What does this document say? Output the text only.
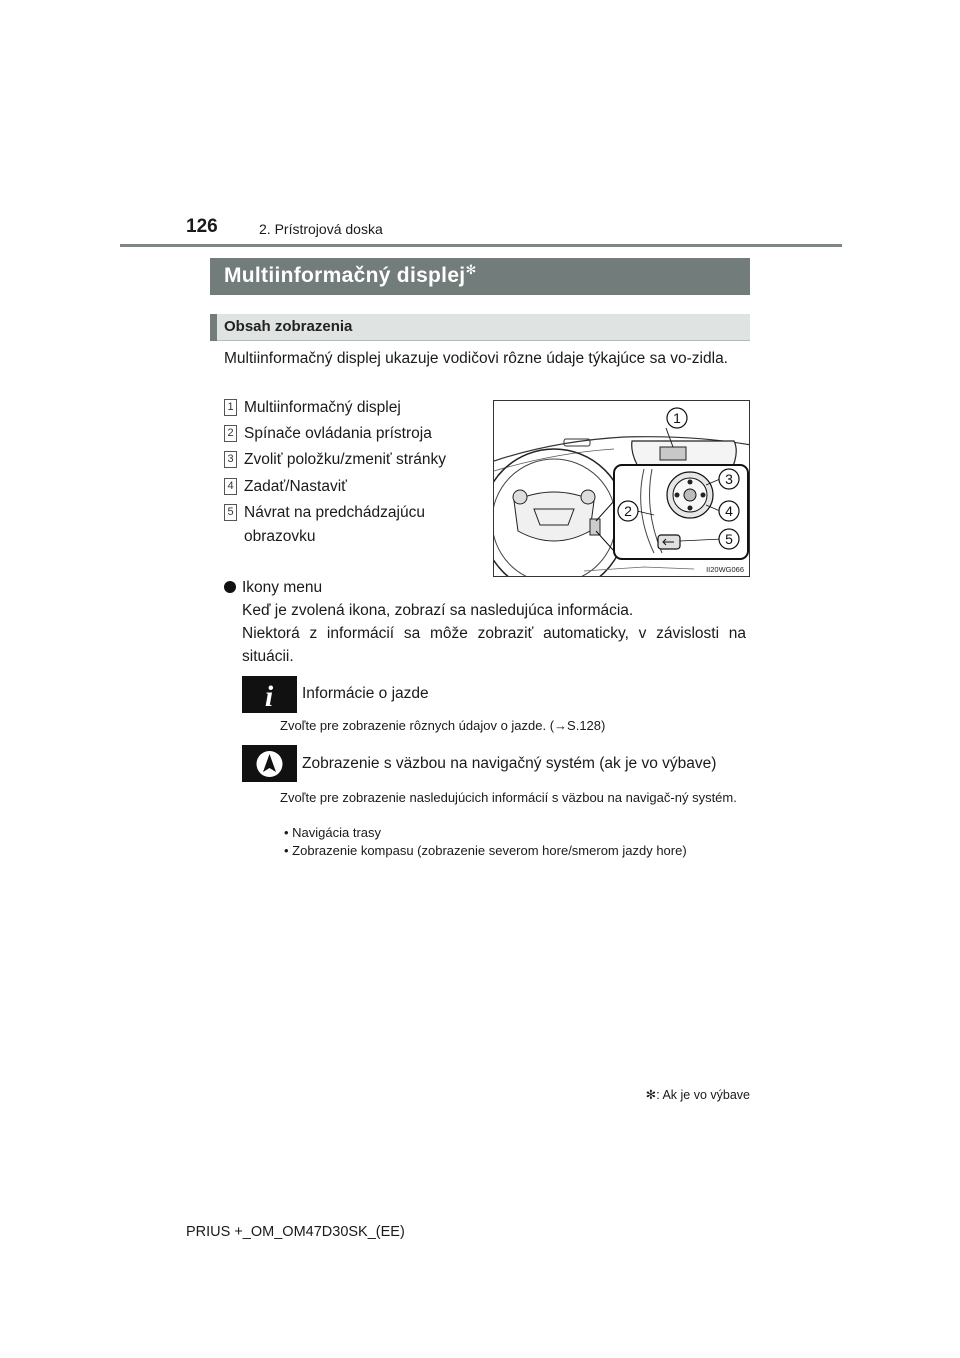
126	2. Prístrojová doska
Multiinformačný displej✻
Obsah zobrazenia
Multiinformačný displej ukazuje vodičovi rôzne údaje týkajúce sa vo-zidla.
1 Multiinformačný displej
2 Spínače ovládania prístroja
3 Zvoliť položku/zmeniť stránky
4 Zadať/Nastaviť
5 Návrat na predchádzajúcu obrazovku
1
2
3
4
5
II20WG066
Ikony menu
Keď je zvolená ikona, zobrazí sa nasledujúca informácia.
Niektorá z informácií sa môže zobraziť automaticky, v závislosti na situácii.
i Informácie o jazde
Zvoľte pre zobrazenie rôznych údajov o jazde. (→S.128)
Zobrazenie s väzbou na navigačný systém (ak je vo výbave)
Zvoľte pre zobrazenie nasledujúcich informácií s väzbou na navigač-ný systém.
• Navigácia trasy
• Zobrazenie kompasu (zobrazenie severom hore/smerom jazdy hore)
✻: Ak je vo výbave
PRIUS +_OM_OM47D30SK_(EE)
